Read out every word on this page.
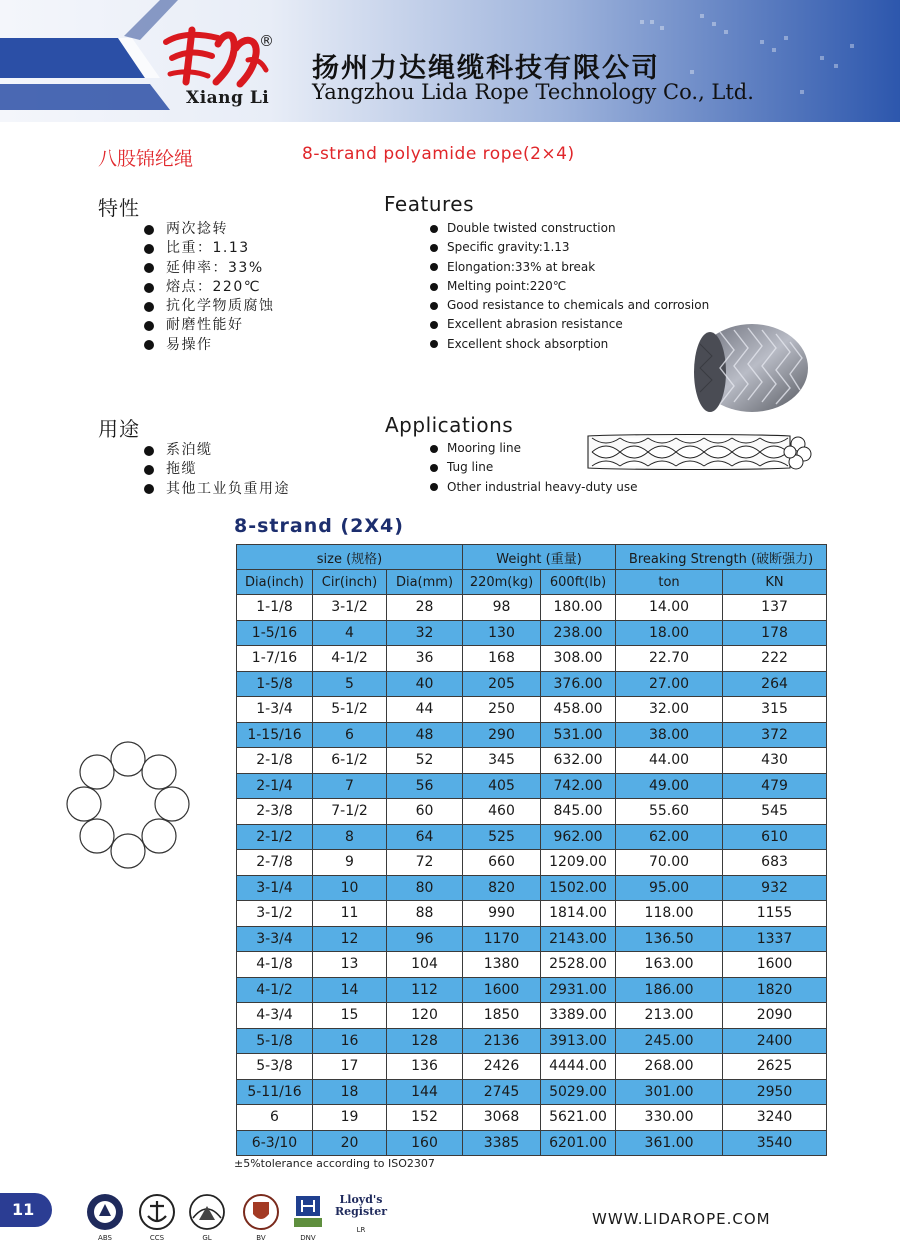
®
Xiang Li
扬州力达绳缆科技有限公司
Yangzhou Lida Rope Technology Co., Ltd.
八股锦纶绳	8-strand polyamide rope(2×4)
特性	Features
两次捻转
比重：1.13
延伸率：33%
熔点：220℃
抗化学物质腐蚀
耐磨性能好
易操作
Double twisted construction
Specific gravity:1.13
Elongation:33% at break
Melting point:220℃
Good resistance to chemicals and corrosion
Excellent abrasion resistance
Excellent shock absorption
用途	Applications
系泊缆
拖缆
其他工业负重用途
Mooring line
Tug line
Other industrial heavy-duty use
8-strand (2X4)
size (规格)			Weight (重量)		Breaking Strength (破断强力)	
Dia(inch)	Cir(inch)	Dia(mm)	220m(kg)	600ft(lb)	ton	KN
1-1/8	3-1/2	28	98	180.00	14.00	137
1-5/16	4	32	130	238.00	18.00	178
1-7/16	4-1/2	36	168	308.00	22.70	222
1-5/8	5	40	205	376.00	27.00	264
1-3/4	5-1/2	44	250	458.00	32.00	315
1-15/16	6	48	290	531.00	38.00	372
2-1/8	6-1/2	52	345	632.00	44.00	430
2-1/4	7	56	405	742.00	49.00	479
2-3/8	7-1/2	60	460	845.00	55.60	545
2-1/2	8	64	525	962.00	62.00	610
2-7/8	9	72	660	1209.00	70.00	683
3-1/4	10	80	820	1502.00	95.00	932
3-1/2	11	88	990	1814.00	118.00	1155
3-3/4	12	96	1170	2143.00	136.50	1337
4-1/8	13	104	1380	2528.00	163.00	1600
4-1/2	14	112	1600	2931.00	186.00	1820
4-3/4	15	120	1850	3389.00	213.00	2090
5-1/8	16	128	2136	3913.00	245.00	2400
5-3/8	17	136	2426	4444.00	268.00	2625
5-11/16	18	144	2745	5029.00	301.00	2950
6	19	152	3068	5621.00	330.00	3240
6-3/10	20	160	3385	6201.00	361.00	3540
±5%tolerance according to ISO2307
11
ABS	CCS	GL	BV	DNV
Lloyd's Register
LR
WWW.LIDAROPE.COM
